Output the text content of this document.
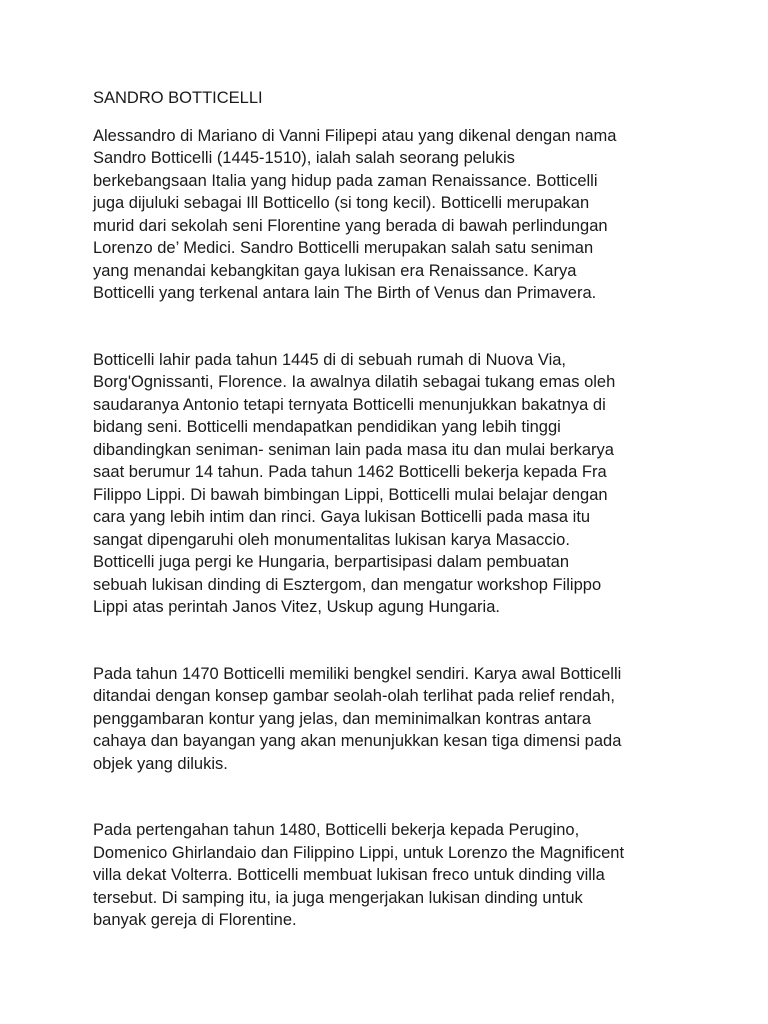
SANDRO BOTTICELLI

Alessandro di Mariano di Vanni Filipepi atau yang dikenal dengan nama
Sandro Botticelli (1445-1510), ialah salah seorang pelukis
berkebangsaan Italia yang hidup pada zaman Renaissance. Botticelli
juga dijuluki sebagai Ill Botticello (si tong kecil). Botticelli merupakan
murid dari sekolah seni Florentine yang berada di bawah perlindungan
Lorenzo de’ Medici. Sandro Botticelli merupakan salah satu seniman
yang menandai kebangkitan gaya lukisan era Renaissance. Karya
Botticelli yang terkenal antara lain The Birth of Venus dan Primavera.

Botticelli lahir pada tahun 1445 di di sebuah rumah di Nuova Via,
Borg'Ognissanti, Florence. Ia awalnya dilatih sebagai tukang emas oleh
saudaranya Antonio tetapi ternyata Botticelli menunjukkan bakatnya di
bidang seni. Botticelli mendapatkan pendidikan yang lebih tinggi
dibandingkan seniman- seniman lain pada masa itu dan mulai berkarya
saat berumur 14 tahun. Pada tahun 1462 Botticelli bekerja kepada Fra
Filippo Lippi. Di bawah bimbingan Lippi, Botticelli mulai belajar dengan
cara yang lebih intim dan rinci. Gaya lukisan Botticelli pada masa itu
sangat dipengaruhi oleh monumentalitas lukisan karya Masaccio.
Botticelli juga pergi ke Hungaria, berpartisipasi dalam pembuatan
sebuah lukisan dinding di Esztergom, dan mengatur workshop Filippo
Lippi atas perintah Janos Vitez, Uskup agung Hungaria.

Pada tahun 1470 Botticelli memiliki bengkel sendiri. Karya awal Botticelli
ditandai dengan konsep gambar seolah-olah terlihat pada relief rendah,
penggambaran kontur yang jelas, dan meminimalkan kontras antara
cahaya dan bayangan yang akan menunjukkan kesan tiga dimensi pada
objek yang dilukis.

Pada pertengahan tahun 1480, Botticelli bekerja kepada Perugino,
Domenico Ghirlandaio dan Filippino Lippi, untuk Lorenzo the Magnificent
villa dekat Volterra. Botticelli membuat lukisan freco untuk dinding villa
tersebut. Di samping itu, ia juga mengerjakan lukisan dinding untuk
banyak gereja di Florentine.
